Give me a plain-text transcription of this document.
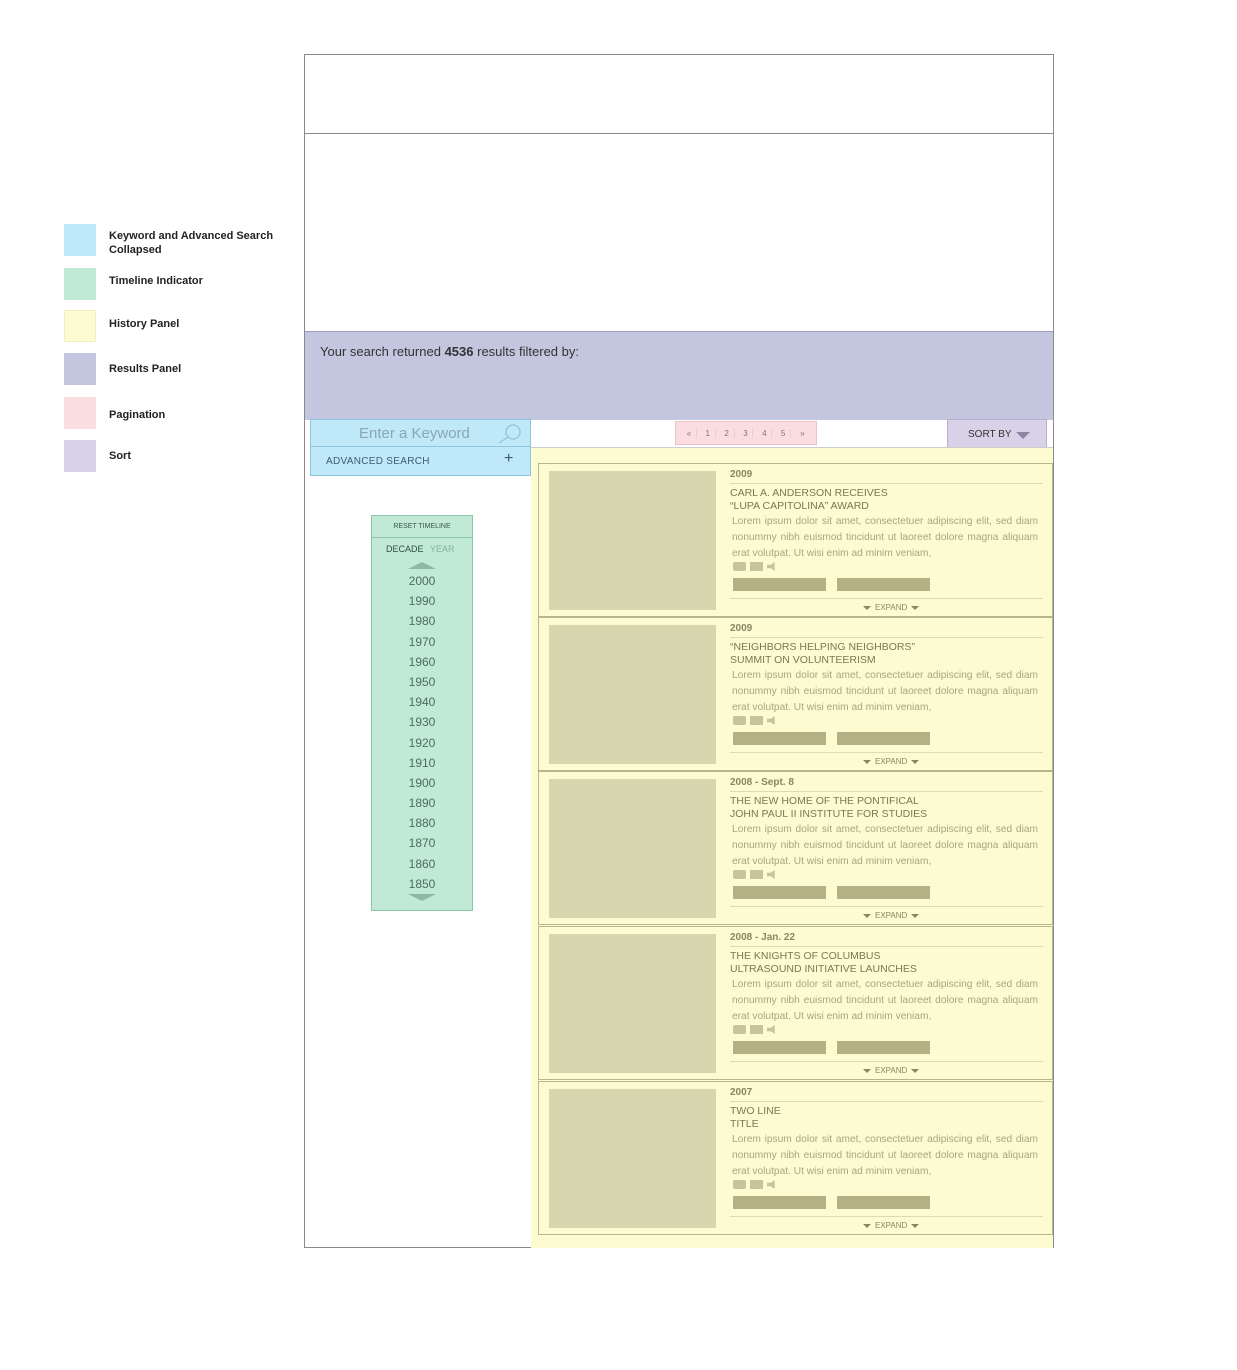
Keyword and Advanced Search
Collapsed
Timeline Indicator
History Panel
Results Panel
Pagination
Sort
Your search returned 4536 results filtered by:
Enter a Keyword
ADVANCED SEARCH	+
«	1	2	3	4	5	»	SORT BY
RESET TIMELINE
DECADE YEAR
2000
1990
1980
1970
1960
1950
1940
1930
1920
1910
1900
1890
1880
1870
1860
1850
2009
CARL A. ANDERSON RECEIVES
“LUPA CAPITOLINA” AWARD
Lorem ipsum dolor sit amet, consectetuer adipiscing elit, sed diam nonummy nibh euismod tincidunt ut laoreet dolore magna aliquam erat volutpat. Ut wisi enim ad minim veniam,
EXPAND
2009
“NEIGHBORS HELPING NEIGHBORS”
SUMMIT ON VOLUNTEERISM
Lorem ipsum dolor sit amet, consectetuer adipiscing elit, sed diam nonummy nibh euismod tincidunt ut laoreet dolore magna aliquam erat volutpat. Ut wisi enim ad minim veniam,
EXPAND
2008 - Sept. 8
THE NEW HOME OF THE PONTIFICAL
JOHN PAUL II INSTITUTE FOR STUDIES
Lorem ipsum dolor sit amet, consectetuer adipiscing elit, sed diam nonummy nibh euismod tincidunt ut laoreet dolore magna aliquam erat volutpat. Ut wisi enim ad minim veniam,
EXPAND
2008 - Jan. 22
THE KNIGHTS OF COLUMBUS
ULTRASOUND INITIATIVE LAUNCHES
Lorem ipsum dolor sit amet, consectetuer adipiscing elit, sed diam nonummy nibh euismod tincidunt ut laoreet dolore magna aliquam erat volutpat. Ut wisi enim ad minim veniam,
EXPAND
2007
TWO LINE
TITLE
Lorem ipsum dolor sit amet, consectetuer adipiscing elit, sed diam nonummy nibh euismod tincidunt ut laoreet dolore magna aliquam erat volutpat. Ut wisi enim ad minim veniam,
EXPAND
